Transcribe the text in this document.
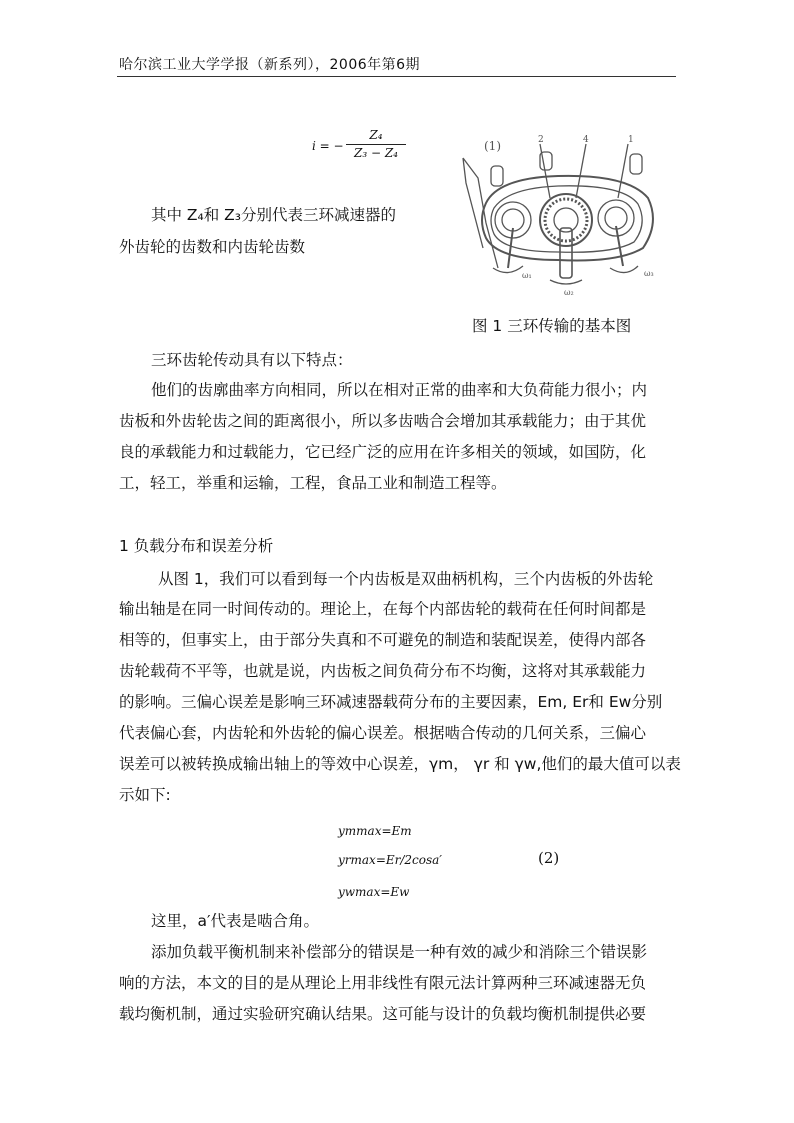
哈尔滨工业大学学报（新系列），2006年第6期
i = −
Z₄
Z₃ − Z₄
其中 Z₄和 Z₃分别代表三环减速器的
外齿轮的齿数和内齿轮齿数
(1)	2	4	1
ω₁
ω₂
ω₃
图 1 三环传输的基本图
三环齿轮传动具有以下特点：
他们的齿廓曲率方向相同，所以在相对正常的曲率和大负荷能力很小；内
齿板和外齿轮齿之间的距离很小，所以多齿啮合会增加其承载能力；由于其优
良的承载能力和过载能力，它已经广泛的应用在许多相关的领域，如国防，化
工，轻工，举重和运输，工程，食品工业和制造工程等。
1 负载分布和误差分析
从图 1，我们可以看到每一个内齿板是双曲柄机构，三个内齿板的外齿轮
输出轴是在同一时间传动的。理论上，在每个内部齿轮的载荷在任何时间都是
相等的，但事实上，由于部分失真和不可避免的制造和装配误差，使得内部各
齿轮载荷不平等，也就是说，内齿板之间负荷分布不均衡，这将对其承载能力
的影响。三偏心误差是影响三环减速器载荷分布的主要因素，Em, Er和 Ew分别
代表偏心套，内齿轮和外齿轮的偏心误差。根据啮合传动的几何关系，三偏心
误差可以被转换成输出轴上的等效中心误差，γm， γr 和 γw,他们的最大值可以表
示如下:
ymmax=Em
yrmax=Er/2cosa′
ywmax=Ew
(2)
这里，a′代表是啮合角。
添加负载平衡机制来补偿部分的错误是一种有效的减少和消除三个错误影
响的方法，本文的目的是从理论上用非线性有限元法计算两种三环减速器无负
载均衡机制，通过实验研究确认结果。这可能与设计的负载均衡机制提供必要
